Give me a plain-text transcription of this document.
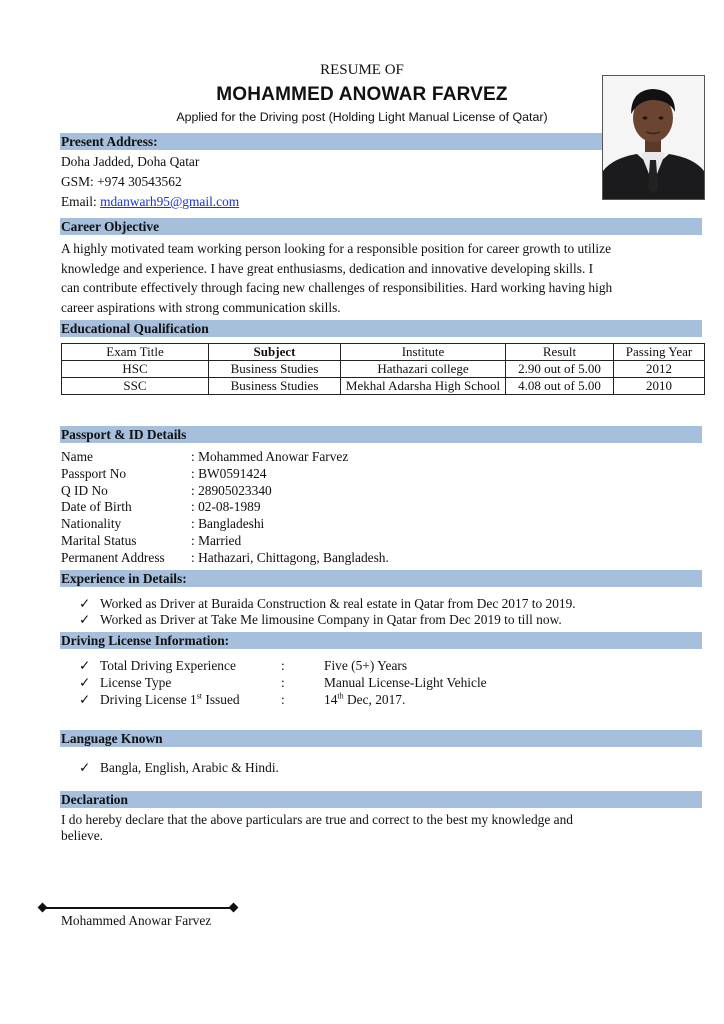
RESUME OF
MOHAMMED ANOWAR FARVEZ
Applied for the Driving post (Holding Light Manual License of Qatar)
Present Address:
Doha Jadded, Doha Qatar
GSM: +974 30543562
Email: mdanwarh95@gmail.com
Career Objective
A highly motivated team working person looking for a responsible position for career growth to utilize
knowledge and experience. I have great enthusiasms, dedication and innovative developing skills. I
can contribute effectively through facing new challenges of responsibilities. Hard working having high
career aspirations with strong communication skills.
Educational Qualification
Exam Title	Subject	Institute	Result	Passing Year
HSC	Business Studies	Hathazari college	2.90 out of 5.00	2012
SSC	Business Studies	Mekhal Adarsha High School	4.08 out of 5.00	2010
Passport & ID Details
Name	: Mohammed Anowar Farvez
Passport No	: BW0591424
Q ID No	: 28905023340
Date of Birth	: 02-08-1989
Nationality	: Bangladeshi
Marital Status	: Married
Permanent Address : Hathazari, Chittagong, Bangladesh.
Experience in Details:
✓ Worked as Driver at Buraida Construction & real estate in Qatar from Dec 2017 to 2019.
✓ Worked as Driver at Take Me limousine Company in Qatar from Dec 2019 to till now.
Driving License Information:
✓ Total Driving Experience	:	Five (5+) Years
✓ License Type	:	Manual License-Light Vehicle
✓ Driving License 1st Issued	:	14th Dec, 2017.
Language Known
✓ Bangla, English, Arabic & Hindi.
Declaration
I do hereby declare that the above particulars are true and correct to the best my knowledge and
believe.
Mohammed Anowar Farvez
